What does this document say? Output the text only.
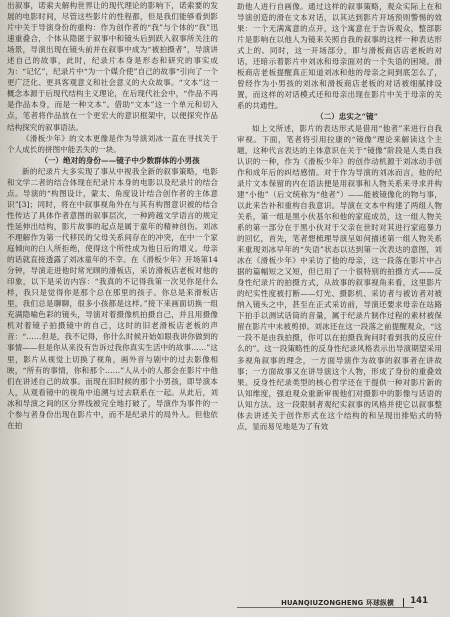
出叙事，诺索夫解构世界让的现代理论的影响下，诺索要的发展的电影时间，尽管这些影片的性程都，但是我们能够看到影片中关于导演身份的重构：作为创作者的“我”与个体的“我”迅速重叠合，个体从隐匿于叙事中和镜头后到跃入叙事所关注的场景，导演出现在镜头前并在叙事中成为“被拍摄者”，导演讲述自己的故事，此时，纪录片本身是形态和研究的事实成为：“记忆”，纪录片中“为一个媒介使”自己的故事“引向了一个更广泛化、更具客观意义和社会意义的大众故事。“文本”这一概念本源于后现代结构主义理论，在后现代社会中，“作品不再是作品本身，而是一种文本”。借助“文本”这一个单元和切入点，笔者将作品放在一个更宏大的意识框架中，以便探究作品结构探究的叙事语法。

《滑板少年》的文本更像是作为导演刘冰一直在寻找关于个人成长的拼图中能丢失的一块。

（一）绝对的身份——镜子中少数群体的小男孩

新的纪录片大多实现了事从中视我全新的叙事策略，电影和文学二者的结合体现在纪录片本身的电影以及纪录片的结合点。导演的“构图设计，蒙太、角度设计结合创作者的主体意识”[3]；同时，将在中叙事视角外在与其有构图意识被的结合性传达了具体作者意图的叙事层次，一种跨越文学语言的规定性延伸出结构，影片故事的起点是属于童年的精神创伤。刘冰不理解作为第一代移民的父母关系间存在的冲突，在中一个家庭倾向的白人所拒绝，使得这个所性成为他日后的增义。母亲的话就直接透露了刘冰童年的不幸。在《滑板少年》开场第14分钟，导演走进他时常光顾的滑板店，采访滑板店老板对他的印象，以下是采访内容：“我真的不记得我第一次见你是什么样，我只是觉得你是那个总在那里的孩子。你总是来滑板店里，我们总是聊聊，很多小孩都是这样。”接下来画面切换一组充满隐喻色彩的镜头，导演对着摄像机拍摄自己，并且用摄像机对着镜子拍摄镜中的自己，这时的旧老滑板店老板的声音：“……但是，我不记得，你什么时候开始如眼我讲你做到的事情——但是你从来没有告诉过我你真实生活中的故事……”这里，影片从视觉上切换了视角，画外音与剧中的过去影像相映，“所有的事情，你和那个……”人从小的人都会在影片中他们在讲述自己的故事。而现在旧时候的那个小男孩，即导演本人，从观看镜中的视角中追溯与过去联系在一起。从此后，刘冰和导演之间的区分界线被完全地打破了，导演作为事件的一个参与者身份出现在影片中，而不是纪录片的局外人。但他依在拍

助他人进行自画像。通过这样的叙事策略，观众实际上在和导演创造的滑在文本对话，以其达到影片开场预则警惕的效果：一个无满寓意的点开，这个寓意在于告诉观众，整部影片是影响在以他人为镜来关照自我的叙事的这样一种表达形式上的。同时，这一开场部分，即与滑板商店店老板的对话，还暗示着影片中刘冰和母亲面对的一个失语的困境。滑板商店老板提醒真正知道刘冰和他的母亲之间到底怎么了，曾经作为小男孩的刘冰和滑板商店老板的对话被细腻排设置，而这样的对话模式还和母亲出现在影片中关于母亲的关系的共通性。

（二）忠实之“镜”

如上文所述，影片的表达形式是借用“他者”来进行自我审视。下面，笔者将引用拉康的“镜像”理论来解读这个主题，这种代言表达的主体意识在关于“镜像”阶段是人类自我认识的一种，作为《滑板少年》的创作动机源于刘冰动手创作和成年后的纠结感情。对于作为导演的刘冰而言，他的纪录片文本保留的内在语法便是用叙事和人物关系来寻求并构建“小他”（后文统称为“他者”）——能被镜像化的物与事，以此来告补和重构自我意识。导演在文本中构建了两组人物关系，第一组是黑小伙基尔和他的家庭成员，这一组人物关系的第一部分在于黑小伙对于父亲在世时对其进行家庭暴力的回忆，首先，笔者想梳理导演呈如何描述第一组人物关系来重现刘冰早年的“失语”状态以达到第一次表达的意图，刘冰在《滑板少年》中采访了他的母亲，这一段落在影片中占据的篇幅短之又短，但已用了一个很特别的拍摄方式——反身性纪录片的拍摄方式，从故事的叙事视角来看，这里影片的纪实性度被打断——灯光、摄影机、采访者与被访者对被纳入镜头之中，甚至在正式采访前，导演还要求母亲在站路下拍手以测试话筒的音量，属于纪录片制作过程的素材被保留在影片中未被剪掉。刘冰还在这一段落之前提醒观众，“这一段不是由我拍摄，你可以在拍摄我询问时看到我的反应什么的”。这一段策略性的反身性纪录风格表示出导演期望采用多视角叙事的理念，一方面导演作为故事的叙事者在讲故事；一方面故事又在讲导演这个人物，形成了身份的重叠效果。反身性纪录类型的核心哲学还在于提供一种对影片新的认知维度，强迫观众重新审视他们对摄影中的影像与话语的认知方法。这一段限制者观纪实叙事的风格并使它以叙事整体去讲述关于创作形式在这个结构的和呈现出排贴式的特点，显而易见地是为了有效

HUANQIUZONGHENG 环球纵横 141
